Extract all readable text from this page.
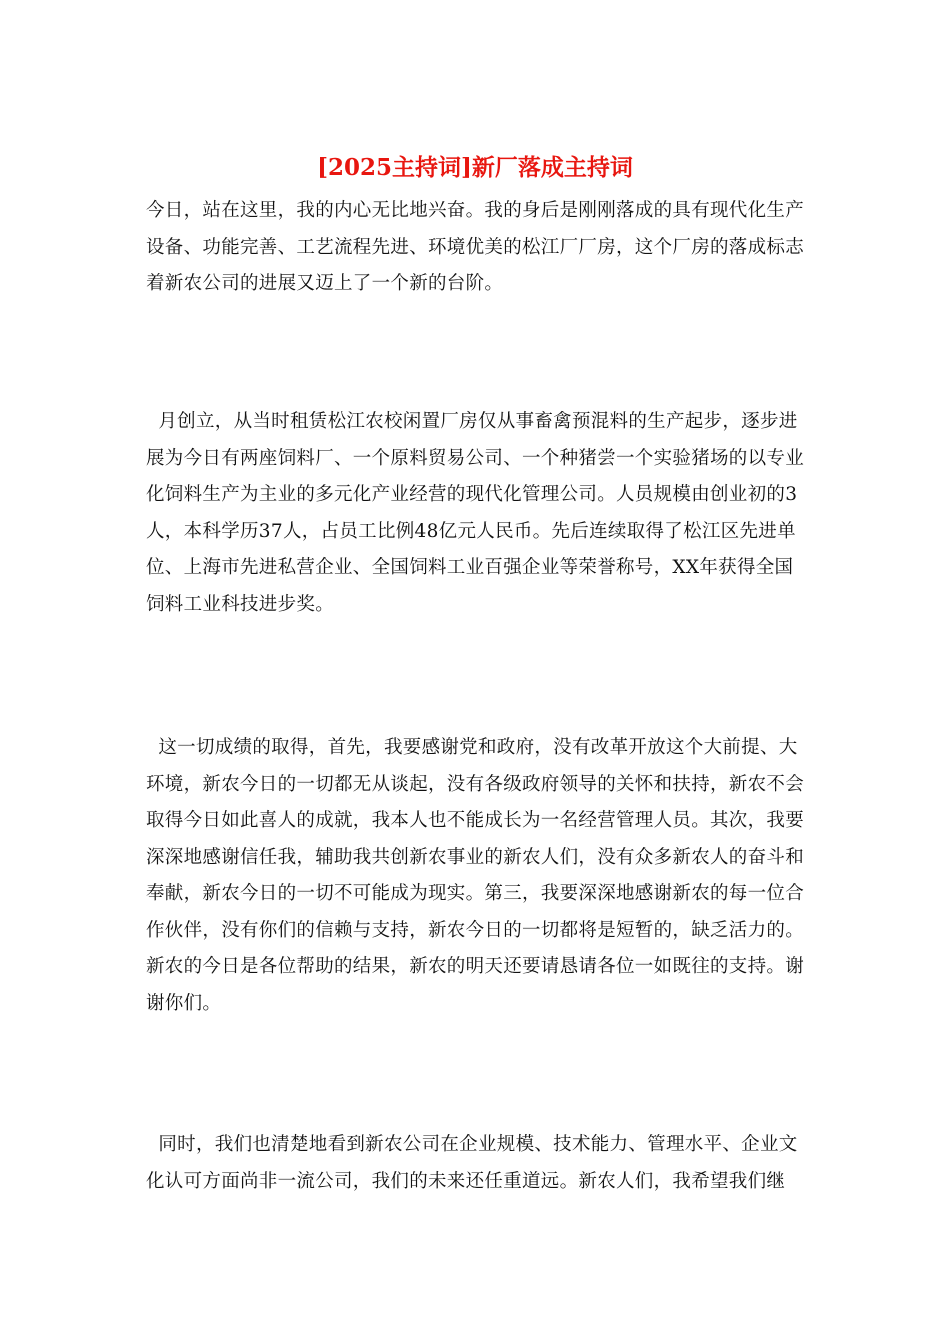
[2025主持词]新厂落成主持词

今日，站在这里，我的内心无比地兴奋。我的身后是刚刚落成的具有现代化生产设备、功能完善、工艺流程先进、环境优美的松江厂厂房，这个厂房的落成标志着新农公司的进展又迈上了一个新的台阶。

月创立，从当时租赁松江农校闲置厂房仅从事畜禽预混料的生产起步，逐步进展为今日有两座饲料厂、一个原料贸易公司、一个种猪尝一个实验猪场的以专业化饲料生产为主业的多元化产业经营的现代化管理公司。人员规模由创业初的3人，本科学历37人，占员工比例48亿元人民币。先后连续取得了松江区先进单位、上海市先进私营企业、全国饲料工业百强企业等荣誉称号，XX年获得全国饲料工业科技进步奖。

这一切成绩的取得，首先，我要感谢党和政府，没有改革开放这个大前提、大环境，新农今日的一切都无从谈起，没有各级政府领导的关怀和扶持，新农不会取得今日如此喜人的成就，我本人也不能成长为一名经营管理人员。其次，我要深深地感谢信任我，辅助我共创新农事业的新农人们，没有众多新农人的奋斗和奉献，新农今日的一切不可能成为现实。第三，我要深深地感谢新农的每一位合作伙伴，没有你们的信赖与支持，新农今日的一切都将是短暂的，缺乏活力的。新农的今日是各位帮助的结果，新农的明天还要请恳请各位一如既往的支持。谢谢你们。

同时，我们也清楚地看到新农公司在企业规模、技术能力、管理水平、企业文化认可方面尚非一流公司，我们的未来还任重道远。新农人们，我希望我们继
